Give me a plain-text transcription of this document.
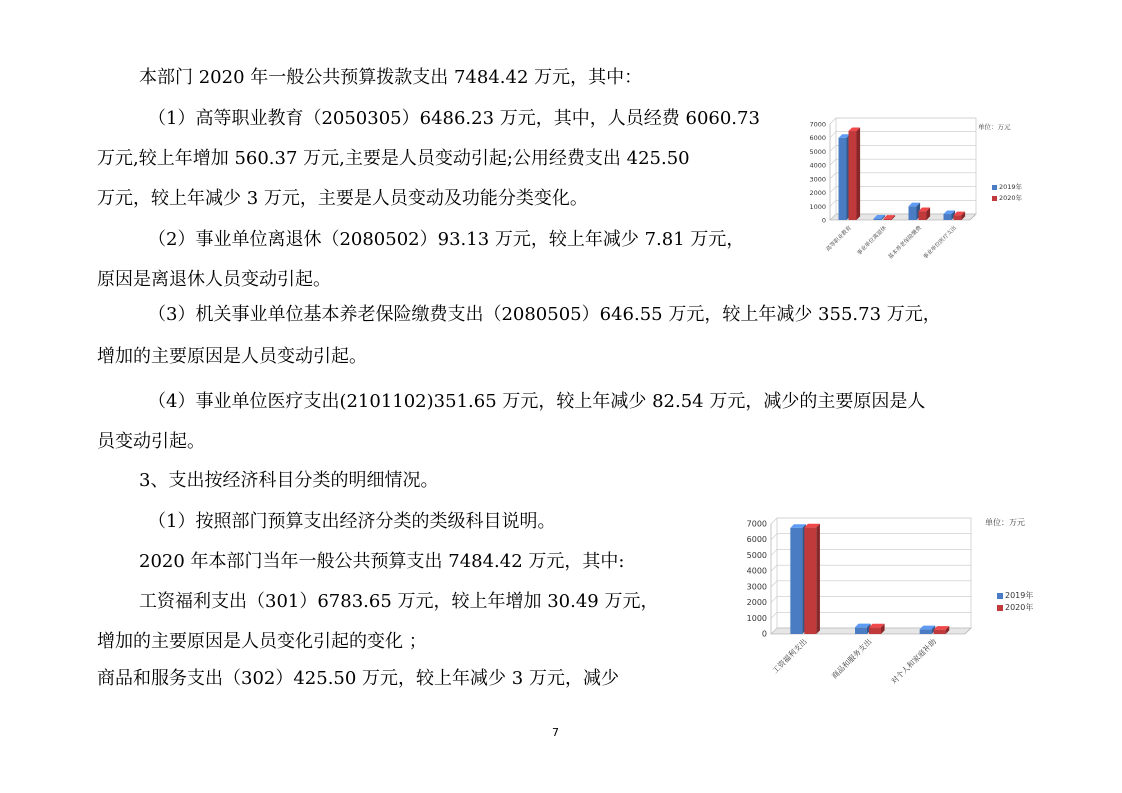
本部门 2020 年一般公共预算拨款支出 7484.42 万元，其中：
（1）高等职业教育（2050305）6486.23 万元，其中，人员经费 6060.73
万元,较上年增加 560.37 万元,主要是人员变动引起;公用经费支出 425.50
万元，较上年减少 3 万元，主要是人员变动及功能分类变化。
（2）事业单位离退休（2080502）93.13 万元，较上年减少 7.81 万元，
原因是离退休人员变动引起。
（3）机关事业单位基本养老保险缴费支出（2080505）646.55 万元，较上年减少 355.73 万元，
增加的主要原因是人员变动引起。
（4）事业单位医疗支出(2101102)351.65 万元，较上年减少 82.54 万元，减少的主要原因是人
员变动引起。
3、支出按经济科目分类的明细情况。
（1）按照部门预算支出经济分类的类级科目说明。
2020 年本部门当年一般公共预算支出 7484.42 万元，其中:
工资福利支出（301）6783.65 万元，较上年增加 30.49 万元，
增加的主要原因是人员变化引起的变化 ；
商品和服务支出（302）425.50 万元，较上年减少 3 万元，减少
0
1000
2000
3000
4000
5000
6000
7000
高等职业教育 事业单位离退休 基本养老保险缴费 事业单位医疗支出
单位：万元
2019年
2020年
0
1000
2000
3000
4000
5000
6000
7000
工资福利支出	商品和服务支出 对个人和家庭补助
单位：万元
2019年
2020年
7
